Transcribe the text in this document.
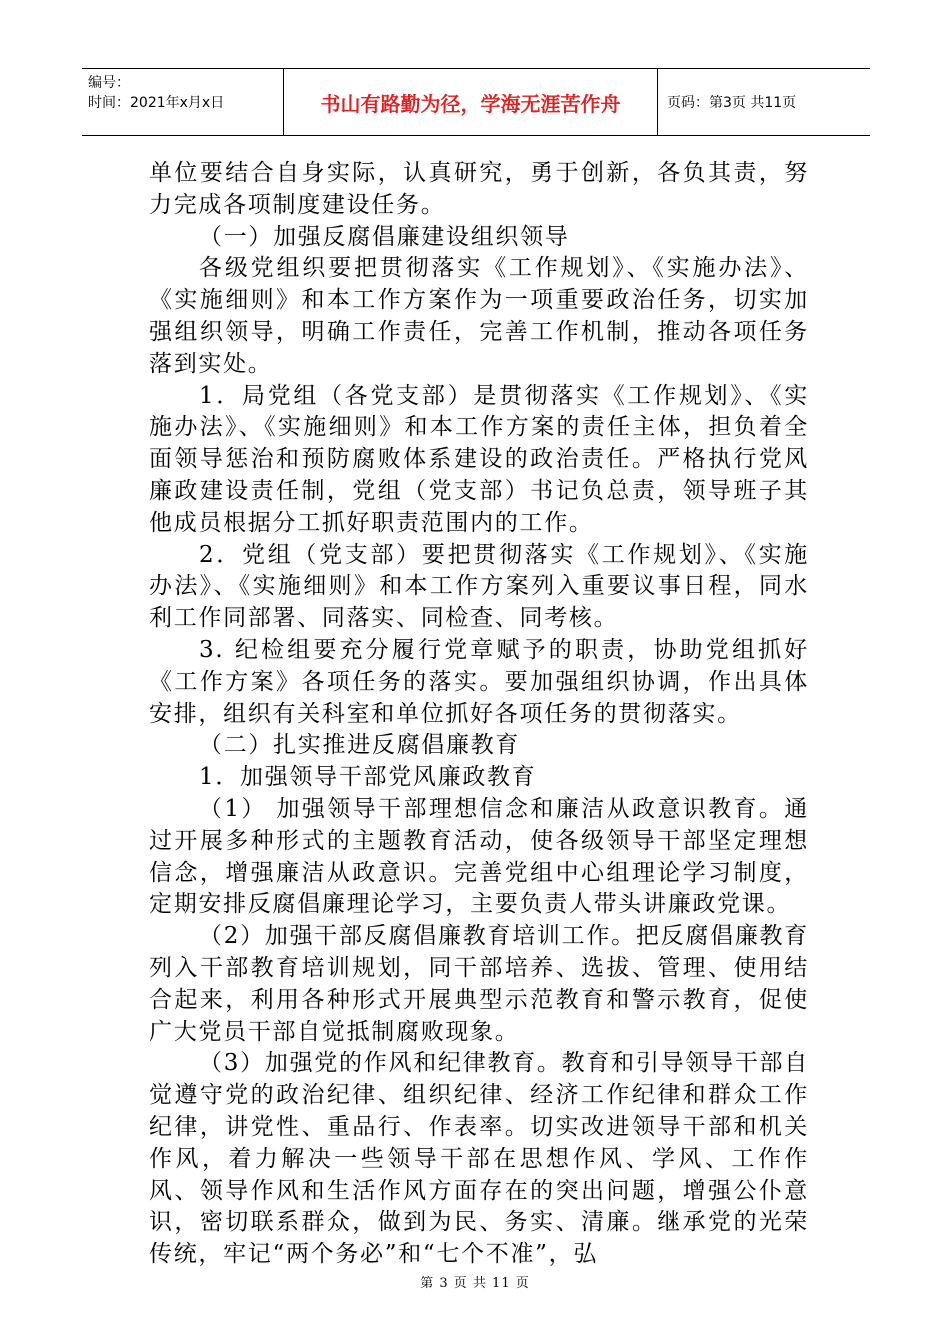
编号：
时间：2021年x月x日	书山有路勤为径，学海无涯苦作舟	页码：第3页 共11页

单位要结合自身实际，认真研究，勇于创新，各负其责，努力完成各项制度建设任务。

（一）加强反腐倡廉建设组织领导

各级党组织要把贯彻落实《工作规划》、《实施办法》、《实施细则》和本工作方案作为一项重要政治任务，切实加强组织领导，明确工作责任，完善工作机制，推动各项任务落到实处。

1．局党组（各党支部）是贯彻落实《工作规划》、《实施办法》、《实施细则》和本工作方案的责任主体，担负着全面领导惩治和预防腐败体系建设的政治责任。严格执行党风廉政建设责任制，党组（党支部）书记负总责，领导班子其他成员根据分工抓好职责范围内的工作。

2．党组（党支部）要把贯彻落实《工作规划》、《实施办法》、《实施细则》和本工作方案列入重要议事日程，同水利工作同部署、同落实、同检查、同考核。

3. 纪检组要充分履行党章赋予的职责，协助党组抓好《工作方案》各项任务的落实。要加强组织协调，作出具体安排，组织有关科室和单位抓好各项任务的贯彻落实。

（二）扎实推进反腐倡廉教育

1．加强领导干部党风廉政教育

（1） 加强领导干部理想信念和廉洁从政意识教育。通过开展多种形式的主题教育活动，使各级领导干部坚定理想信念，增强廉洁从政意识。完善党组中心组理论学习制度，定期安排反腐倡廉理论学习，主要负责人带头讲廉政党课。

（2）加强干部反腐倡廉教育培训工作。把反腐倡廉教育列入干部教育培训规划，同干部培养、选拔、管理、使用结合起来，利用各种形式开展典型示范教育和警示教育，促使广大党员干部自觉抵制腐败现象。

（3）加强党的作风和纪律教育。教育和引导领导干部自觉遵守党的政治纪律、组织纪律、经济工作纪律和群众工作纪律，讲党性、重品行、作表率。切实改进领导干部和机关作风，着力解决一些领导干部在思想作风、学风、工作作风、领导作风和生活作风方面存在的突出问题，增强公仆意识，密切联系群众，做到为民、务实、清廉。继承党的光荣传统，牢记“两个务必”和“七个不准”，弘

第 3 页 共 11 页
